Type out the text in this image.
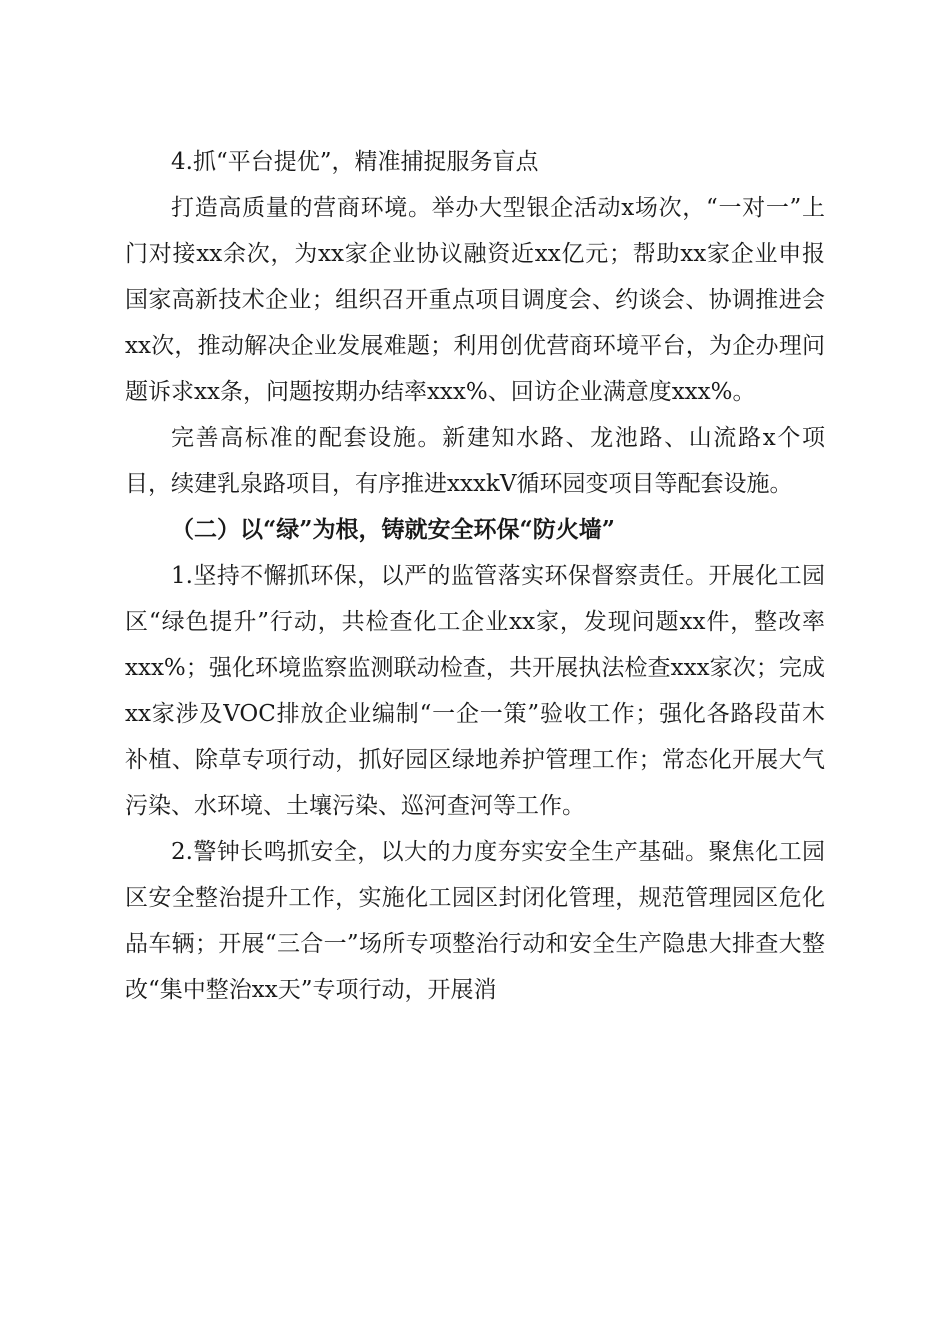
4.抓“平台提优”，精准捕捉服务盲点

打造高质量的营商环境。举办大型银企活动x场次，“一对一”上门对接xx余次，为xx家企业协议融资近xx亿元；帮助xx家企业申报国家高新技术企业；组织召开重点项目调度会、约谈会、协调推进会xx次，推动解决企业发展难题；利用创优营商环境平台，为企办理问题诉求xx条，问题按期办结率xxx%、回访企业满意度xxx%。

完善高标准的配套设施。新建知水路、龙池路、山流路x个项目，续建乳泉路项目，有序推进xxxkV循环园变项目等配套设施。

（二）以“绿”为根，铸就安全环保“防火墙”

1.坚持不懈抓环保，以严的监管落实环保督察责任。开展化工园区“绿色提升”行动，共检查化工企业xx家，发现问题xx件，整改率xxx%；强化环境监察监测联动检查，共开展执法检查xxx家次；完成xx家涉及VOC排放企业编制“一企一策”验收工作；强化各路段苗木补植、除草专项行动，抓好园区绿地养护管理工作；常态化开展大气污染、水环境、土壤污染、巡河查河等工作。

2.警钟长鸣抓安全，以大的力度夯实安全生产基础。聚焦化工园区安全整治提升工作，实施化工园区封闭化管理，规范管理园区危化品车辆；开展“三合一”场所专项整治行动和安全生产隐患大排查大整改“集中整治xx天”专项行动，开展消
